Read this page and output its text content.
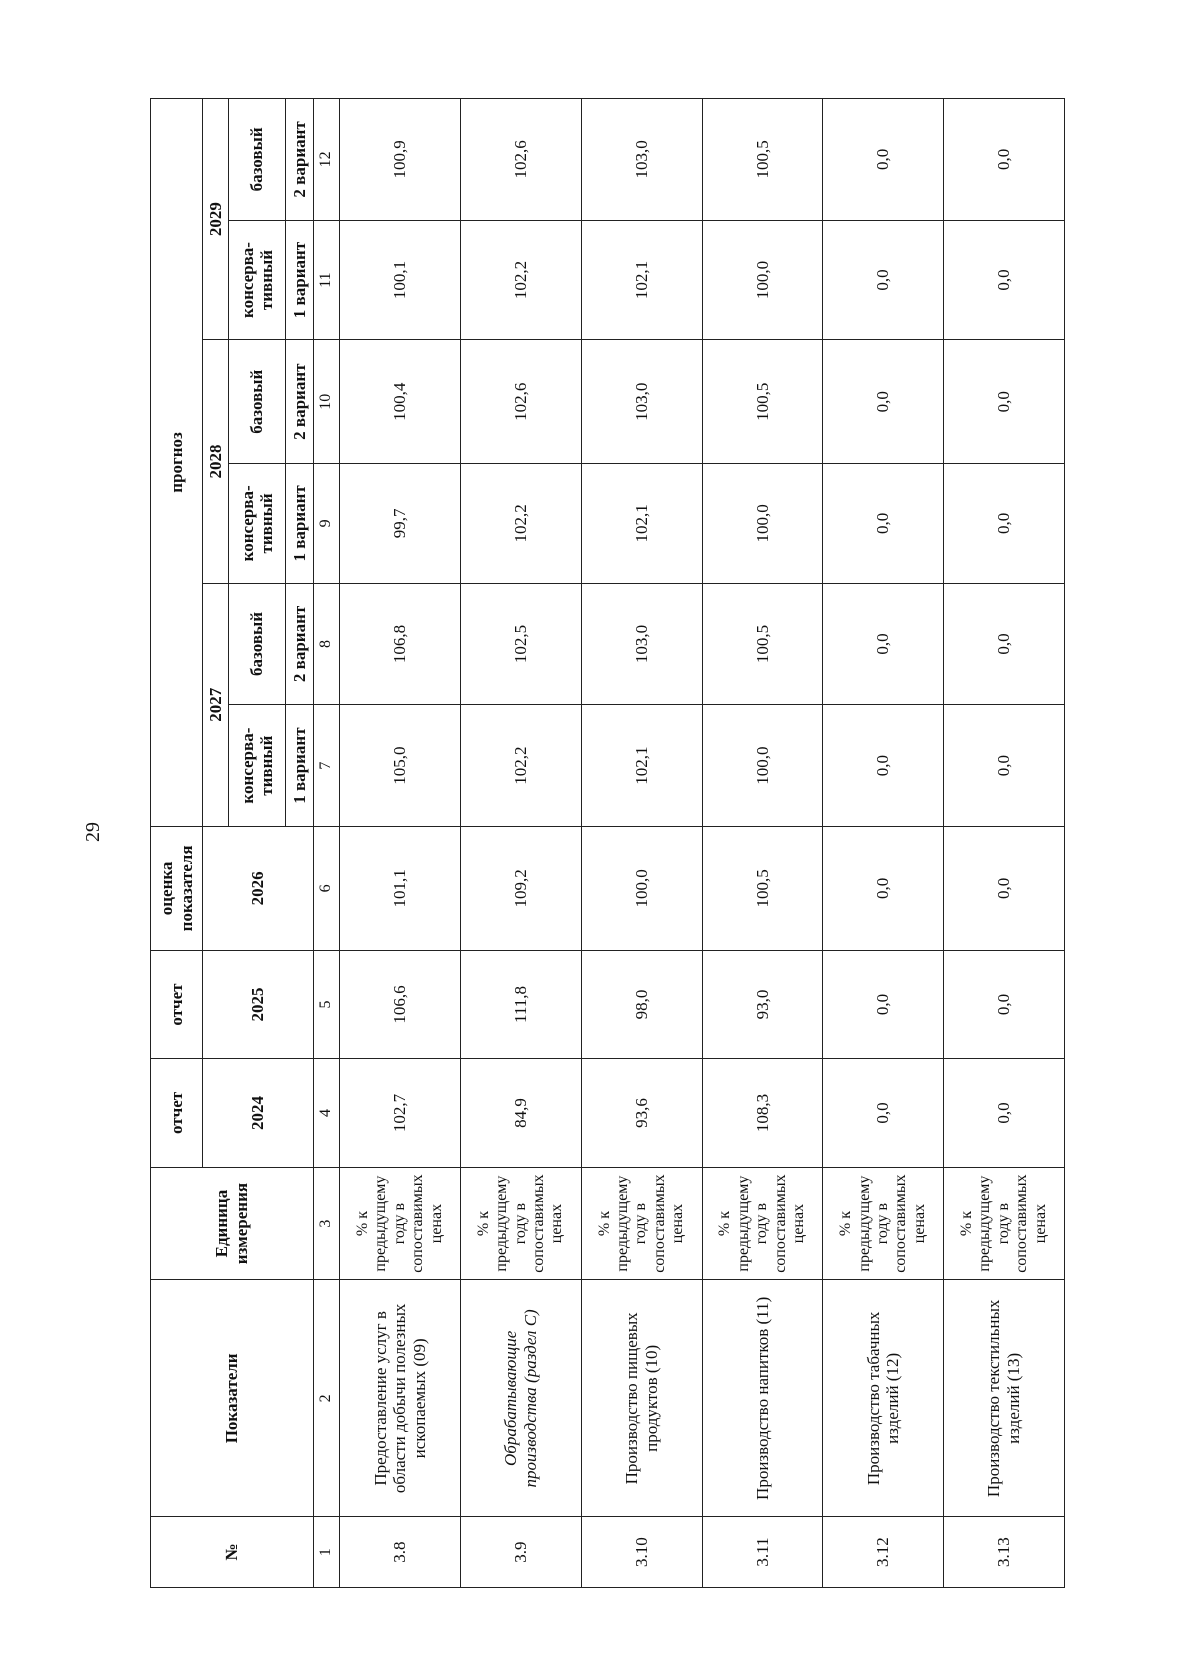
29
№	Показатели	Единица измерения	отчет	отчет	оценка показателя	прогноз					
			2024	2025	2026	2027		2028		2029	
						консерва-тивный	базовый	консерва-тивный	базовый	консерва-тивный	базовый
						1 вариант	2 вариант	1 вариант	2 вариант	1 вариант	2 вариант
1	2	3	4	5	6	7	8	9	10	11	12
3.8	Предоставление услуг в области добычи полезных ископаемых (09)	% к предыдущему году в сопоставимых ценах	102,7	106,6	101,1	105,0	106,8	99,7	100,4	100,1	100,9
3.9	Обрабатывающие производства (раздел С)	% к предыдущему году в сопоставимых ценах	84,9	111,8	109,2	102,2	102,5	102,2	102,6	102,2	102,6
3.10	Производство пищевых продуктов (10)	% к предыдущему году в сопоставимых ценах	93,6	98,0	100,0	102,1	103,0	102,1	103,0	102,1	103,0
3.11	Производство напитков (11)	% к предыдущему году в сопоставимых ценах	108,3	93,0	100,5	100,0	100,5	100,0	100,5	100,0	100,5
3.12	Производство табачных изделий (12)	% к предыдущему году в сопоставимых ценах	0,0	0,0	0,0	0,0	0,0	0,0	0,0	0,0	0,0
3.13	Производство текстильных изделий (13)	% к предыдущему году в сопоставимых ценах	0,0	0,0	0,0	0,0	0,0	0,0	0,0	0,0	0,0
